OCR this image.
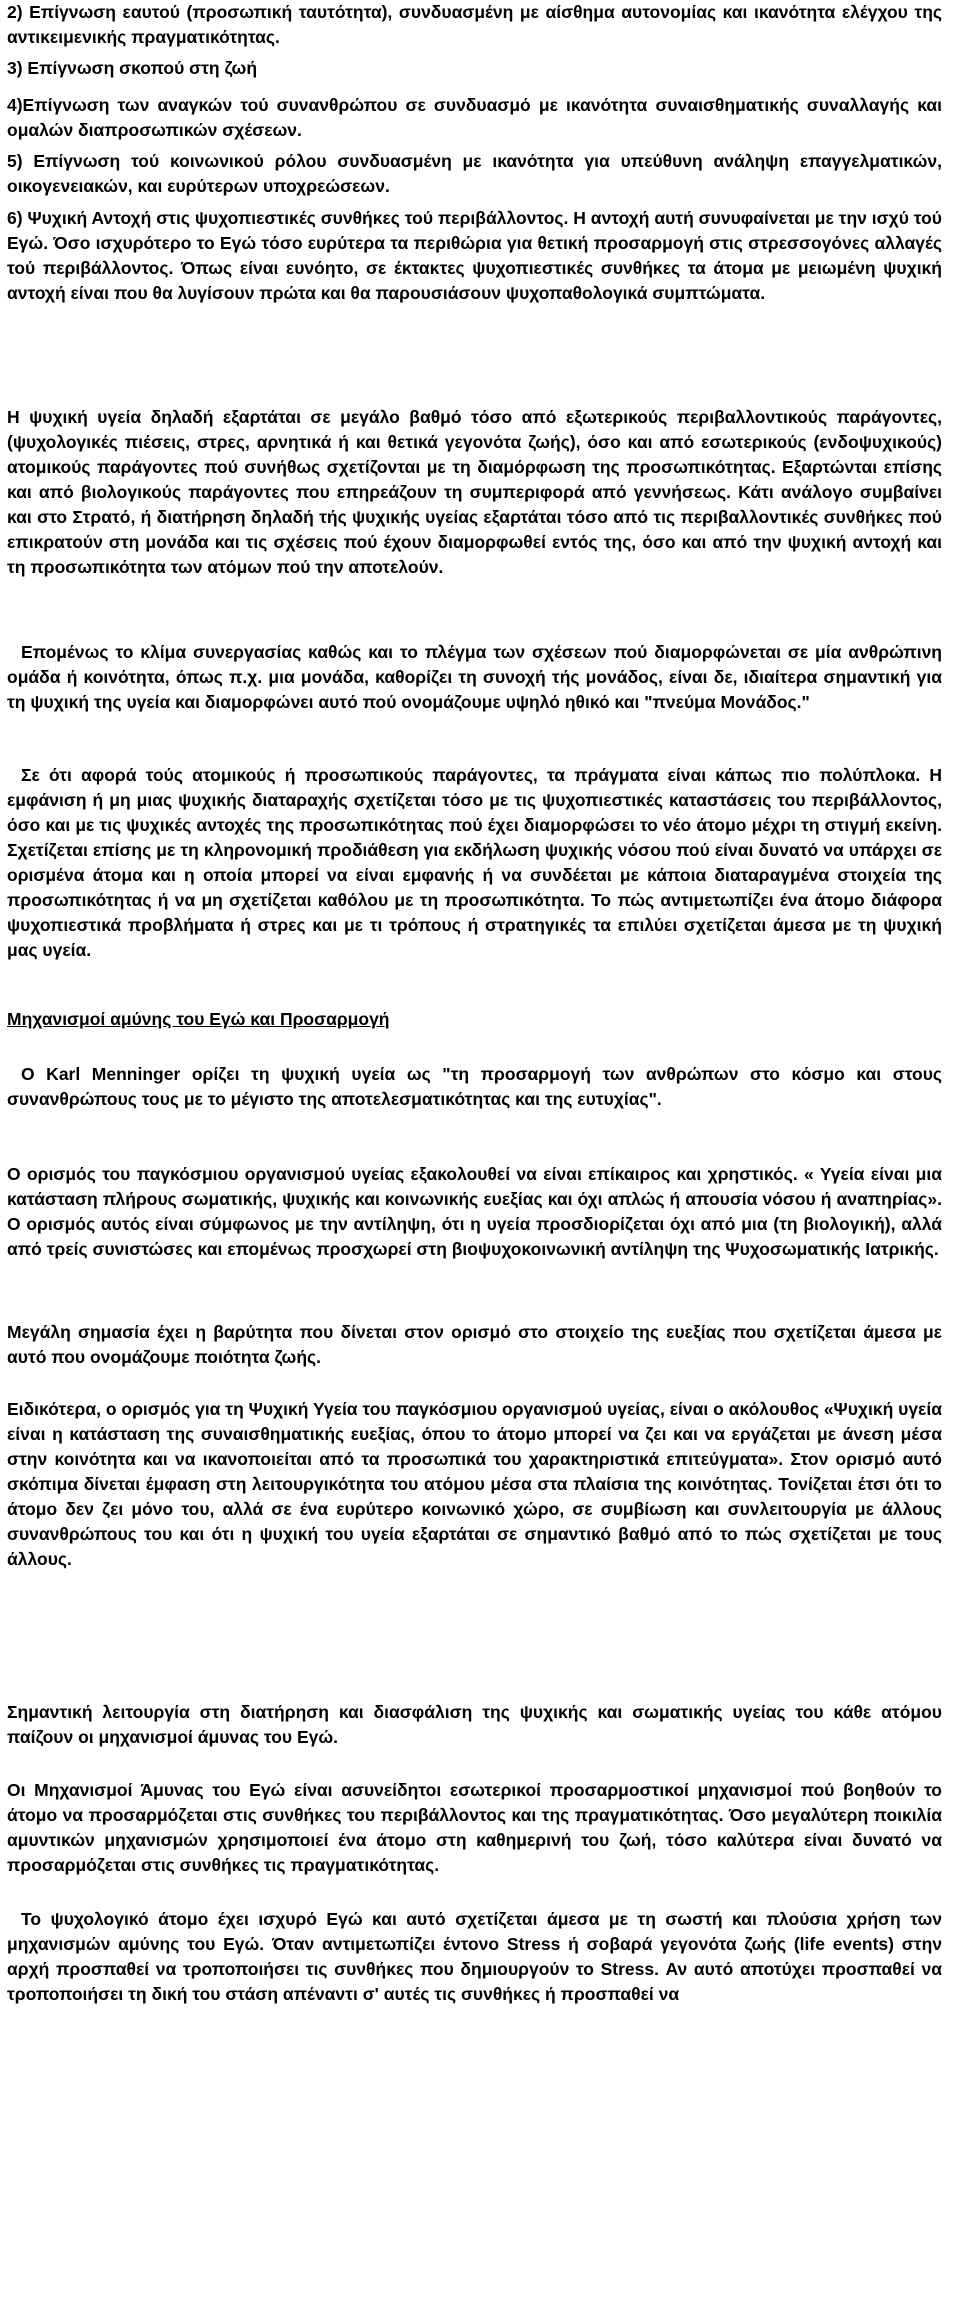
2) Επίγνωση εαυτού (προσωπική ταυτότητα), συνδυασμένη με αίσθημα αυτονομίας και ικανότητα ελέγχου της αντικειμενικής πραγματικότητας.

3) Επίγνωση σκοπού στη ζωή

4)Επίγνωση των αναγκών τού συνανθρώπου σε συνδυασμό με ικανότητα συναισθηματικής συναλλαγής και ομαλών διαπροσωπικών σχέσεων.

5) Επίγνωση τού κοινωνικού ρόλου συνδυασμένη με ικανότητα για υπεύθυνη ανάληψη επαγγελματικών, οικογενειακών, και ευρύτερων υποχρεώσεων.

6) Ψυχική Αντοχή στις ψυχοπιεστικές συνθήκες τού περιβάλλοντος. Η αντοχή αυτή συνυφαίνεται με την ισχύ τού Εγώ. Όσο ισχυρότερο το Εγώ τόσο ευρύτερα τα περιθώρια για θετική προσαρμογή στις στρεσσογόνες αλλαγές τού περιβάλλοντος. Όπως είναι ευνόητο, σε έκτακτες ψυχοπιεστικές συνθήκες τα άτομα με μειωμένη ψυχική αντοχή είναι που θα λυγίσουν πρώτα και θα παρουσιάσουν ψυχοπαθολογικά συμπτώματα.

Η ψυχική υγεία δηλαδή εξαρτάται σε μεγάλο βαθμό τόσο από εξωτερικούς περιβαλλοντικούς παράγοντες, (ψυχολογικές πιέσεις, στρες, αρνητικά ή και θετικά γεγονότα ζωής), όσο και από εσωτερικούς (ενδοψυχικούς) ατομικούς παράγοντες πού συνήθως σχετίζονται με τη διαμόρφωση της προσωπικότητας. Εξαρτώνται επίσης και από βιολογικούς παράγοντες που επηρεάζουν τη συμπεριφορά από γεννήσεως. Κάτι ανάλογο συμβαίνει και στο Στρατό, ή διατήρηση δηλαδή τής ψυχικής υγείας εξαρτάται τόσο από τις περιβαλλοντικές συνθήκες πού επικρατούν στη μονάδα και τις σχέσεις πού έχουν διαμορφωθεί εντός της, όσο και από την ψυχική αντοχή και τη προσωπικότητα των ατόμων πού την αποτελούν.

Επομένως το κλίμα συνεργασίας καθώς και το πλέγμα των σχέσεων πού διαμορφώνεται σε μία ανθρώπινη ομάδα ή κοινότητα, όπως π.χ. μια μονάδα, καθορίζει τη συνοχή τής μονάδος, είναι δε, ιδιαίτερα σημαντική για τη ψυχική της υγεία και διαμορφώνει αυτό πού ονομάζουμε υψηλό ηθικό και "πνεύμα Μονάδος."

Σε ότι αφορά τούς ατομικούς ή προσωπικούς παράγοντες, τα πράγματα είναι κάπως πιο πολύπλοκα. Η εμφάνιση ή μη μιας ψυχικής διαταραχής σχετίζεται τόσο με τις ψυχοπιεστικές καταστάσεις του περιβάλλοντος, όσο και με τις ψυχικές αντοχές της προσωπικότητας πού έχει διαμορφώσει το νέο άτομο μέχρι τη στιγμή εκείνη. Σχετίζεται επίσης με τη κληρονομική προδιάθεση για εκδήλωση ψυχικής νόσου πού είναι δυνατό να υπάρχει σε ορισμένα άτομα και η οποία μπορεί να είναι εμφανής ή να συνδέεται με κάποια διαταραγμένα στοιχεία της προσωπικότητας ή να μη σχετίζεται καθόλου με τη προσωπικότητα. Το πώς αντιμετωπίζει ένα άτομο διάφορα ψυχοπιεστικά προβλήματα ή στρες και με τι τρόπους ή στρατηγικές τα επιλύει σχετίζεται άμεσα με τη ψυχική μας υγεία.

Μηχανισμοί αμύνης του Εγώ και Προσαρμογή

Ο Karl Menninger ορίζει τη ψυχική υγεία ως "τη προσαρμογή των ανθρώπων στο κόσμο και στους συνανθρώπους τους με το μέγιστο της αποτελεσματικότητας και της ευτυχίας".

Ο ορισμός του παγκόσμιου οργανισμού υγείας εξακολουθεί να είναι επίκαιρος και χρηστικός. « Υγεία είναι μια κατάσταση πλήρους σωματικής, ψυχικής και κοινωνικής ευεξίας και όχι απλώς ή απουσία νόσου ή αναπηρίας». Ο ορισμός αυτός είναι σύμφωνος με την αντίληψη, ότι η υγεία προσδιορίζεται όχι από μια (τη βιολογική), αλλά από τρείς συνιστώσες και επομένως προσχωρεί στη βιοψυχοκοινωνική αντίληψη της Ψυχοσωματικής Ιατρικής.

Μεγάλη σημασία έχει η βαρύτητα που δίνεται στον ορισμό στο στοιχείο της ευεξίας που σχετίζεται άμεσα με αυτό που ονομάζουμε ποιότητα ζωής.

Ειδικότερα, ο ορισμός για τη Ψυχική Υγεία του παγκόσμιου οργανισμού υγείας, είναι ο ακόλουθος «Ψυχική υγεία είναι η κατάσταση της συναισθηματικής ευεξίας, όπου το άτομο μπορεί να ζει και να εργάζεται με άνεση μέσα στην κοινότητα και να ικανοποιείται από τα προσωπικά του χαρακτηριστικά επιτεύγματα». Στον ορισμό αυτό σκόπιμα δίνεται έμφαση στη λειτουργικότητα του ατόμου μέσα στα πλαίσια της κοινότητας. Τονίζεται έτσι ότι το άτομο δεν ζει μόνο του, αλλά σε ένα ευρύτερο κοινωνικό χώρο, σε συμβίωση και συνλειτουργία με άλλους συνανθρώπους του και ότι η ψυχική του υγεία εξαρτάται σε σημαντικό βαθμό από το πώς σχετίζεται με τους άλλους.

Σημαντική λειτουργία στη διατήρηση και διασφάλιση της ψυχικής και σωματικής υγείας του κάθε ατόμου παίζουν οι μηχανισμοί άμυνας του Εγώ.

Οι Μηχανισμοί Άμυνας του Εγώ είναι ασυνείδητοι εσωτερικοί προσαρμοστικοί μηχανισμοί πού βοηθούν το άτομο να προσαρμόζεται στις συνθήκες του περιβάλλοντος και της πραγματικότητας. Όσο μεγαλύτερη ποικιλία αμυντικών μηχανισμών χρησιμοποιεί ένα άτομο στη καθημερινή του ζωή, τόσο καλύτερα είναι δυνατό να προσαρμόζεται στις συνθήκες τις πραγματικότητας.

Το ψυχολογικό άτομο έχει ισχυρό Εγώ και αυτό σχετίζεται άμεσα με τη σωστή και πλούσια χρήση των μηχανισμών αμύνης του Εγώ. Όταν αντιμετωπίζει έντονο Stress ή σοβαρά γεγονότα ζωής (life events) στην αρχή προσπαθεί να τροποποιήσει τις συνθήκες που δημιουργούν το Stress. Αν αυτό αποτύχει προσπαθεί να τροποποιήσει τη δική του στάση απέναντι σ' αυτές τις συνθήκες ή προσπαθεί να
